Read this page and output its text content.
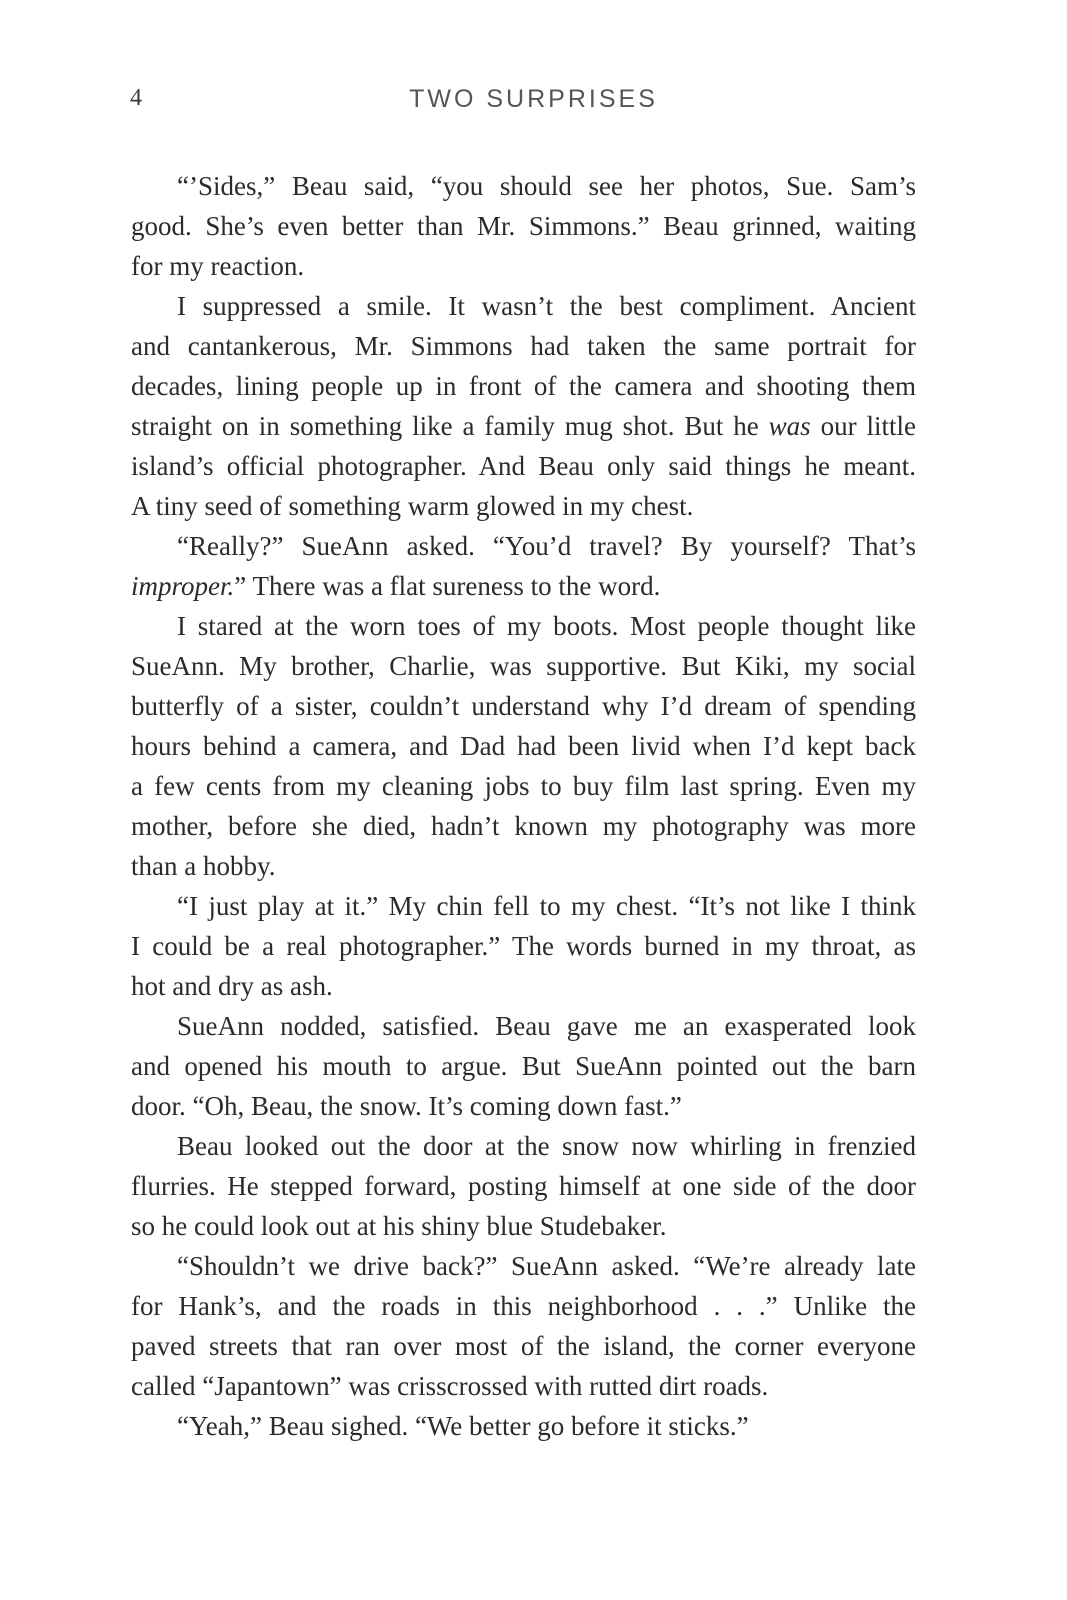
4	TWO SURPRISES
“’Sides,” Beau said, “you should see her photos, Sue. Sam’s
good. She’s even better than Mr. Simmons.” Beau grinned, waiting
for my reaction.
I suppressed a smile. It wasn’t the best compliment. Ancient
and cantankerous, Mr. Simmons had taken the same portrait for
decades, lining people up in front of the camera and shooting them
straight on in something like a family mug shot. But he was our little
island’s official photographer. And Beau only said things he meant.
A tiny seed of something warm glowed in my chest.
“Really?” SueAnn asked. “You’d travel? By yourself? That’s
improper.” There was a flat sureness to the word.
I stared at the worn toes of my boots. Most people thought like
SueAnn. My brother, Charlie, was supportive. But Kiki, my social
butterfly of a sister, couldn’t understand why I’d dream of spending
hours behind a camera, and Dad had been livid when I’d kept back
a few cents from my cleaning jobs to buy film last spring. Even my
mother, before she died, hadn’t known my photography was more
than a hobby.
“I just play at it.” My chin fell to my chest. “It’s not like I think
I could be a real photographer.” The words burned in my throat, as
hot and dry as ash.
SueAnn nodded, satisfied. Beau gave me an exasperated look
and opened his mouth to argue. But SueAnn pointed out the barn
door. “Oh, Beau, the snow. It’s coming down fast.”
Beau looked out the door at the snow now whirling in frenzied
flurries. He stepped forward, posting himself at one side of the door
so he could look out at his shiny blue Studebaker.
“Shouldn’t we drive back?” SueAnn asked. “We’re already late
for Hank’s, and the roads in this neighborhood . . .” Unlike the
paved streets that ran over most of the island, the corner everyone
called “Japantown” was crisscrossed with rutted dirt roads.
“Yeah,” Beau sighed. “We better go before it sticks.”
